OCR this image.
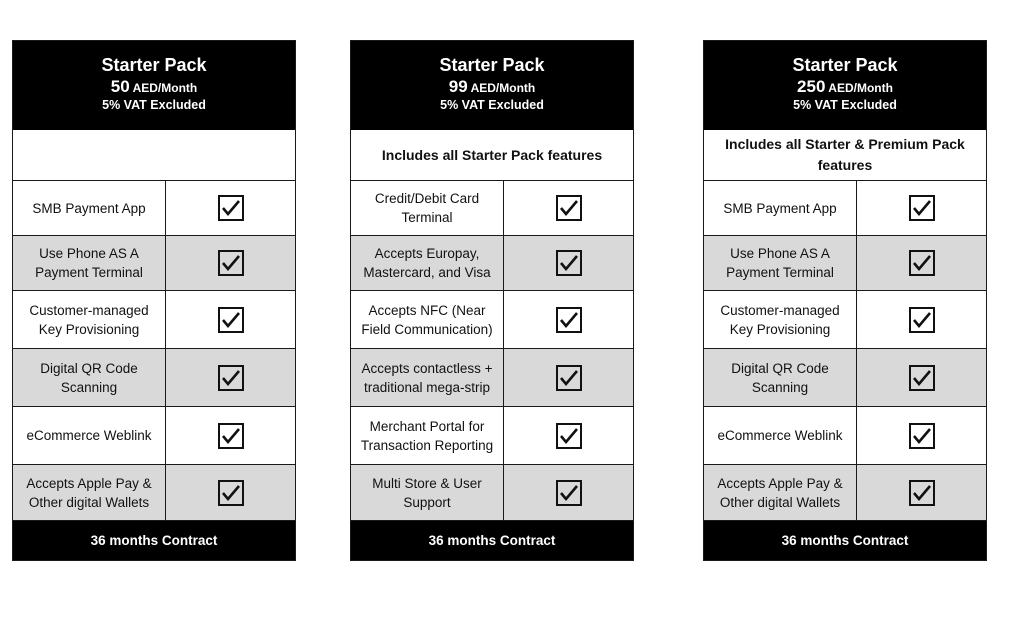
Starter Pack
50 AED/Month
5% VAT Excluded
SMB Payment App
Use Phone AS A Payment Terminal
Customer-managed Key Provisioning
Digital QR Code Scanning
eCommerce Weblink
Accepts Apple Pay & Other digital Wallets
36 months Contract
Starter Pack
99 AED/Month
5% VAT Excluded
Includes all Starter Pack features
Credit/Debit Card Terminal
Accepts Europay, Mastercard, and Visa
Accepts NFC (Near Field Communication)
Accepts contactless + traditional mega-strip
Merchant Portal for Transaction Reporting
Multi Store & User Support
36 months Contract
Starter Pack
250 AED/Month
5% VAT Excluded
Includes all Starter & Premium Pack features
SMB Payment App
Use Phone AS A Payment Terminal
Customer-managed Key Provisioning
Digital QR Code Scanning
eCommerce Weblink
Accepts Apple Pay & Other digital Wallets
36 months Contract
